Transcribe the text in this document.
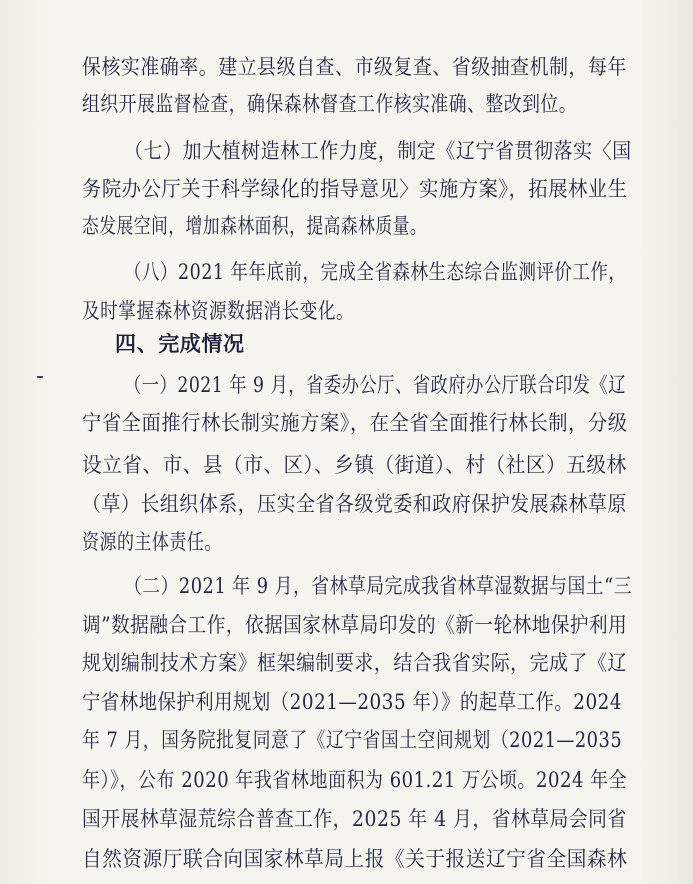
保核实准确率。建立县级自查、市级复查、省级抽查机制，每年
组织开展监督检查，确保森林督查工作核实准确、整改到位。
（七）加大植树造林工作力度，制定《辽宁省贯彻落实〈国
务院办公厅关于科学绿化的指导意见〉实施方案》，拓展林业生
态发展空间，增加森林面积，提高森林质量。
（八）2021 年年底前，完成全省森林生态综合监测评价工作，
及时掌握森林资源数据消长变化。
四、完成情况
（一）2021 年 9 月，省委办公厅、省政府办公厅联合印发《辽
宁省全面推行林长制实施方案》，在全省全面推行林长制，分级
设立省、市、县（市、区）、乡镇（街道）、村（社区）五级林
（草）长组织体系，压实全省各级党委和政府保护发展森林草原
资源的主体责任。
（二）2021 年 9 月，省林草局完成我省林草湿数据与国土“三
调”数据融合工作，依据国家林草局印发的《新一轮林地保护利用
规划编制技术方案》框架编制要求，结合我省实际，完成了《辽
宁省林地保护利用规划（2021—2035 年）》的起草工作。2024
年 7 月，国务院批复同意了《辽宁省国土空间规划（2021—2035
年）》，公布 2020 年我省林地面积为 601.21 万公顷。2024 年全
国开展林草湿荒综合普查工作，2025 年 4 月，省林草局会同省
自然资源厅联合向国家林草局上报《关于报送辽宁省全国森林
